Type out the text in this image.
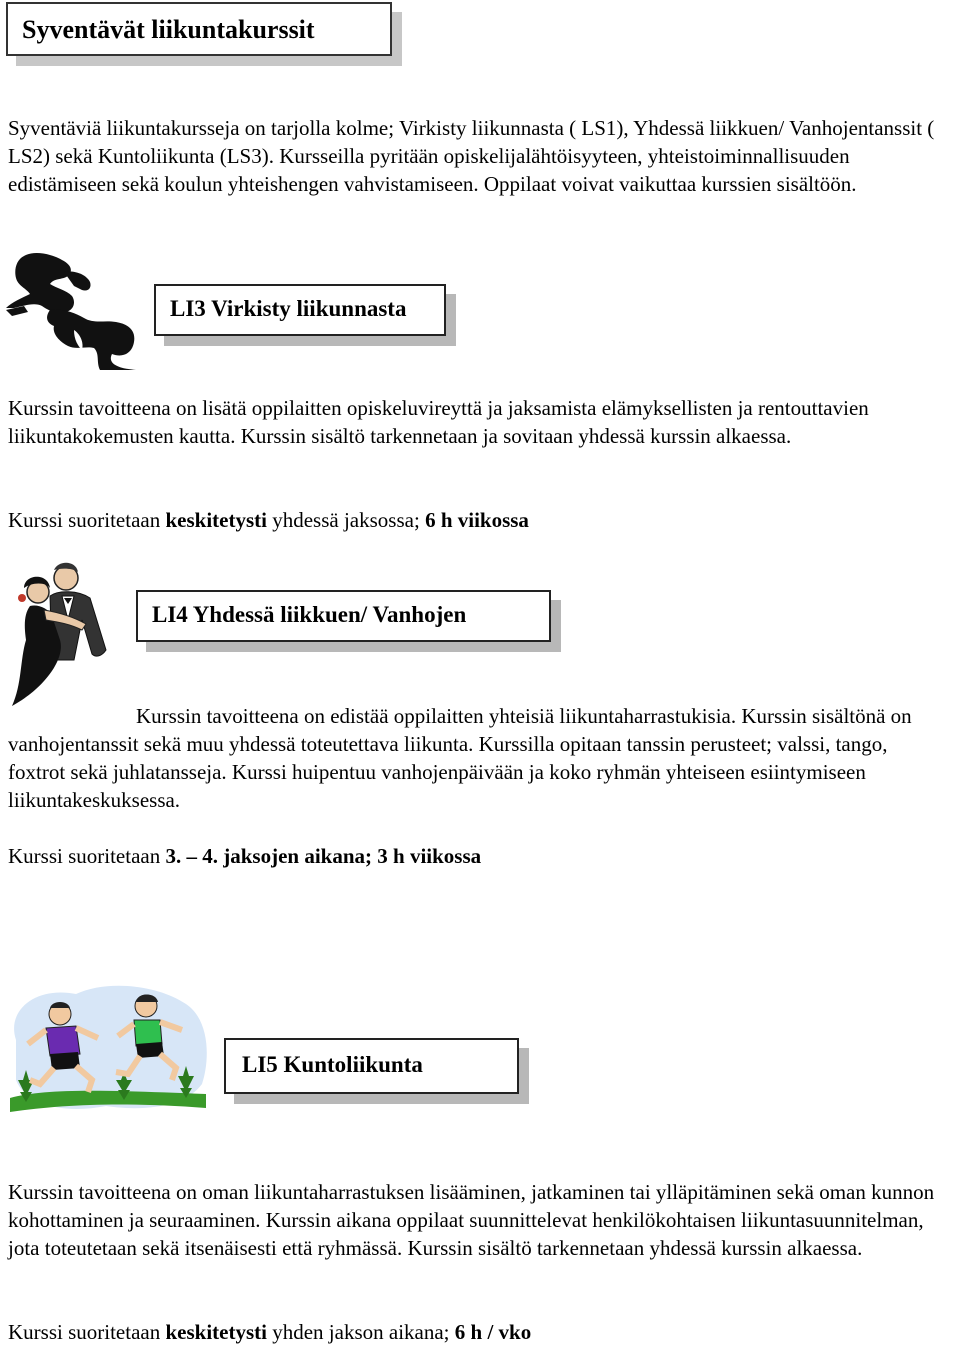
Syventävät liikuntakurssit

Syventäviä liikuntakursseja on tarjolla kolme; Virkisty liikunnasta ( LS1), Yhdessä liikkuen/ Vanhojentanssit ( LS2) sekä Kuntoliikunta (LS3). Kursseilla pyritään opiskelijalähtöisyyteen, yhteistoiminnallisuuden edistämiseen sekä koulun yhteishengen vahvistamiseen. Oppilaat voivat vaikuttaa kurssien sisältöön.

LI3 Virkisty liikunnasta

Kurssin tavoitteena on lisätä oppilaitten opiskeluvireyttä ja jaksamista elämyksellisten ja rentouttavien liikuntakokemusten kautta. Kurssin sisältö tarkennetaan ja sovitaan yhdessä kurssin alkaessa.

Kurssi suoritetaan keskitetysti yhdessä jaksossa; 6 h viikossa

LI4 Yhdessä liikkuen/ Vanhojen

Kurssin tavoitteena on edistää oppilaitten yhteisiä liikuntaharrastukisia. Kurssin sisältönä on vanhojentanssit sekä muu yhdessä toteutettava liikunta. Kurssilla opitaan tanssin perusteet; valssi, tango, foxtrot sekä juhlatansseja. Kurssi huipentuu vanhojenpäivään ja koko ryhmän yhteiseen esiintymiseen liikuntakeskuksessa.

Kurssi suoritetaan 3. – 4. jaksojen aikana; 3 h viikossa

LI5 Kuntoliikunta

Kurssin tavoitteena on oman liikuntaharrastuksen lisääminen, jatkaminen tai ylläpitäminen sekä oman kunnon kohottaminen ja seuraaminen. Kurssin aikana oppilaat suunnittelevat henkilökohtaisen liikuntasuunnitelman, jota toteutetaan sekä itsenäisesti että ryhmässä. Kurssin sisältö tarkennetaan yhdessä kurssin alkaessa.

Kurssi suoritetaan keskitetysti yhden jakson aikana; 6 h / vko
